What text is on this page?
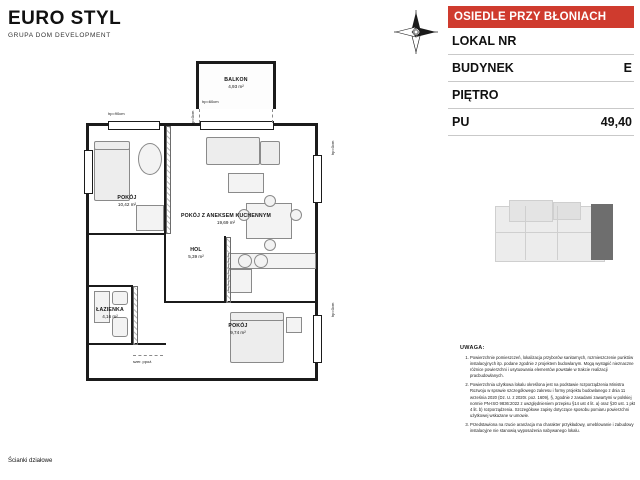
EURO STYL
GRUPA DOM DEVELOPMENT
OSIEDLE PRZY BŁONIACH
LOKAL NR
BUDYNEK	E
PIĘTRO
PU	49,40
UWAGA:
1. Powierzchnie pomieszczeń, lokalizacja przyborów sanitarnych, rozmieszczenie punktów instalacyjnych itp. podane zgodnie z projektem budowlanym. Mogą wystąpić nieznaczne różnice powierzchni i usytuowania elementów powstałe w trakcie realizacji pracbudowlanych.
2. Powierzchnia użytkowa lokalu określona jest na podstawie rozporządzenia Ministra Rozwoju w sprawie szczegółowego zakresu i formy projektu budowlanego z dnia 11 września 2020 (Dz. U. z 2020r. poz. 1609), §, zgodnie z zasadami zawartymi w polskiej normie PN-ISO 9836:2022 z uwzględnieniem przepisu §14 ust 4 lit. a) oraz §20 ust. 1 pkt 4 lit. b) rozporządzenia. Szczegółowe zapisy dotyczące sposobu pomiaru powierzchni użytkowej wskazane w umowie.
3. Przedstawiona na rzucie aranżacja ma charakter przykładowy, umeblowanie i zabudowy instalacyjne nie stanowią wyposażenia nabywanego lokalu.
BALKON
4,93 m²
hp=90cm	hp=0cm
szer. ppoż.
hp=0cm
hp=0cm
POKÓJ
10,42 m²
POKÓJ Z ANEKSEM KUCHENNYM
19,69 m²
HOL
5,39 m²
ŁAZIENKA
4,16 m²
POKÓJ
9,74 m²
hp=60cm
Ścianki działowe
